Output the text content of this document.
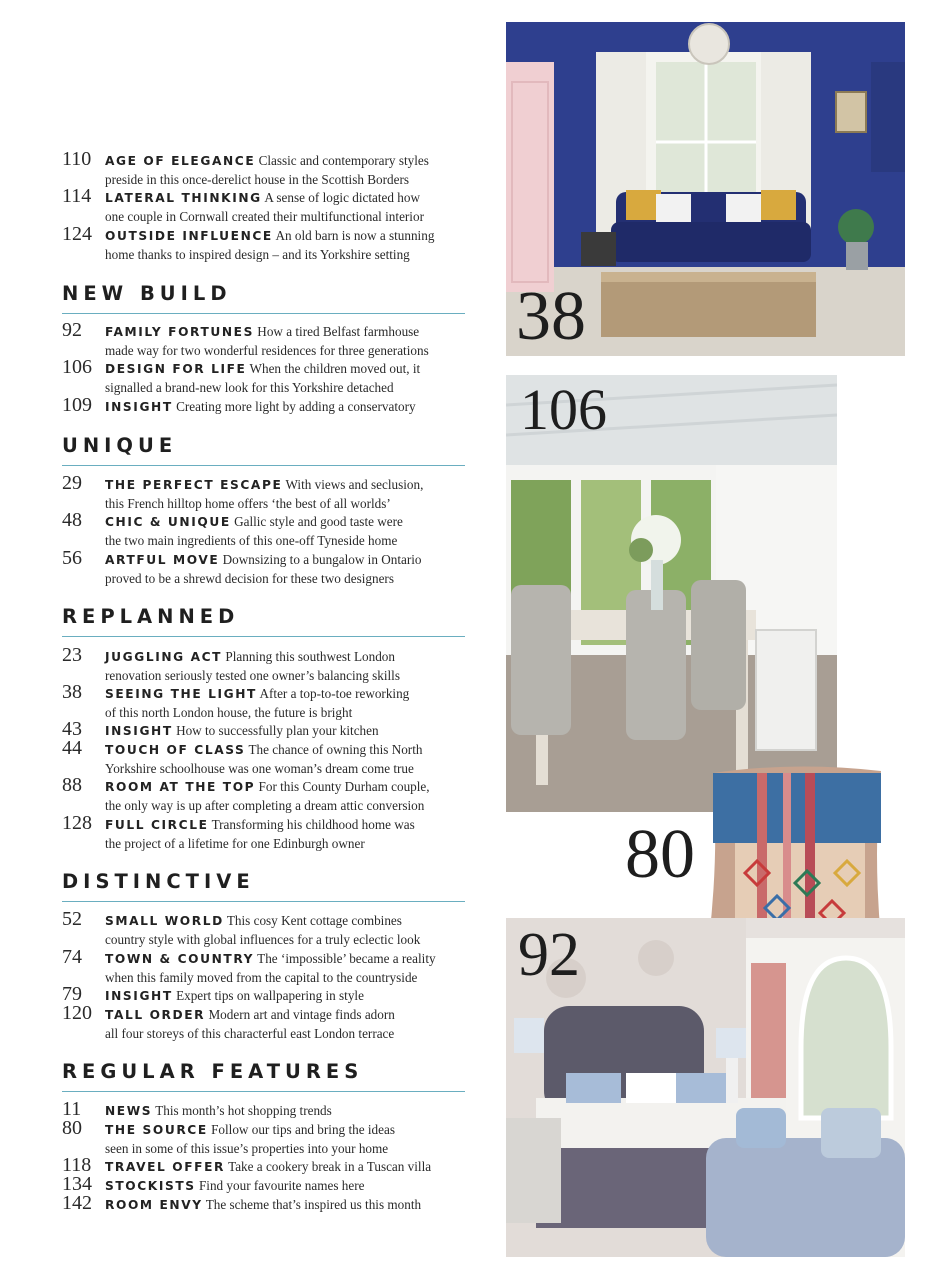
110 AGE OF ELEGANCE Classic and contemporary styles
preside in this once-derelict house in the Scottish Borders
114 LATERAL THINKING A sense of logic dictated how
one couple in Cornwall created their multifunctional interior
124 OUTSIDE INFLUENCE An old barn is now a stunning
home thanks to inspired design – and its Yorkshire setting
NEW BUILD
92 FAMILY FORTUNES How a tired Belfast farmhouse
made way for two wonderful residences for three generations
106 DESIGN FOR LIFE When the children moved out, it
signalled a brand-new look for this Yorkshire detached
109 INSIGHT Creating more light by adding a conservatory
UNIQUE
29 THE PERFECT ESCAPE With views and seclusion,
this French hilltop home offers ‘the best of all worlds’
48 CHIC & UNIQUE Gallic style and good taste were
the two main ingredients of this one-off Tyneside home
56 ARTFUL MOVE Downsizing to a bungalow in Ontario
proved to be a shrewd decision for these two designers
REPLANNED
23 JUGGLING ACT Planning this southwest London
renovation seriously tested one owner’s balancing skills
38 SEEING THE LIGHT After a top-to-toe reworking
of this north London house, the future is bright
43 INSIGHT How to successfully plan your kitchen
44 TOUCH OF CLASS The chance of owning this North
Yorkshire schoolhouse was one woman’s dream come true
88 ROOM AT THE TOP For this County Durham couple,
the only way is up after completing a dream attic conversion
128 FULL CIRCLE Transforming his childhood home was
the project of a lifetime for one Edinburgh owner
DISTINCTIVE
52 SMALL WORLD This cosy Kent cottage combines
country style with global influences for a truly eclectic look
74 TOWN & COUNTRY The ‘impossible’ became a reality
when this family moved from the capital to the countryside
79 INSIGHT Expert tips on wallpapering in style
120 TALL ORDER Modern art and vintage finds adorn
all four storeys of this characterful east London terrace
REGULAR FEATURES
11 NEWS This month’s hot shopping trends
80 THE SOURCE Follow our tips and bring the ideas
seen in some of this issue’s properties into your home
118 TRAVEL OFFER Take a cookery break in a Tuscan villa
134 STOCKISTS Find your favourite names here
142 ROOM ENVY The scheme that’s inspired us this month
38
106
80
92
